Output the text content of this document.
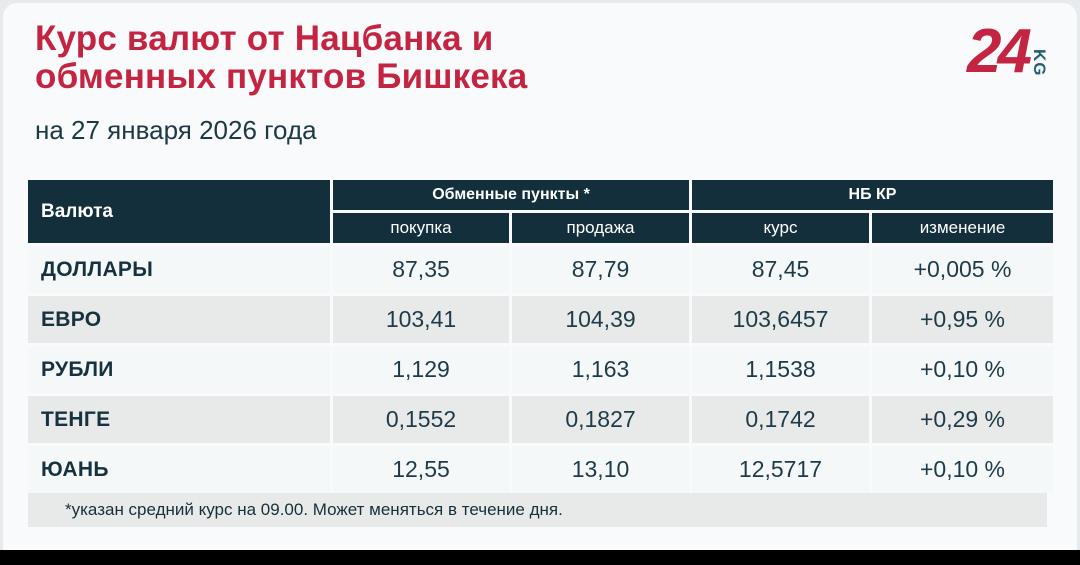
Курс валют от Нацбанка и
обменных пунктов Бишкека	24 KG
на 27 января 2026 года
Валюта
Обменные пункты *	НБ КР
покупка	продажа	курс	изменение
ДОЛЛАРЫ	87,35	87,79	87,45	+0,005 %
ЕВРО	103,41	104,39	103,6457	+0,95 %
РУБЛИ	1,129	1,163	1,1538	+0,10 %
ТЕНГЕ	0,1552	0,1827	0,1742	+0,29 %
ЮАНЬ	12,55	13,10	12,5717	+0,10 %
*указан средний курс на 09.00. Может меняться в течение дня.
